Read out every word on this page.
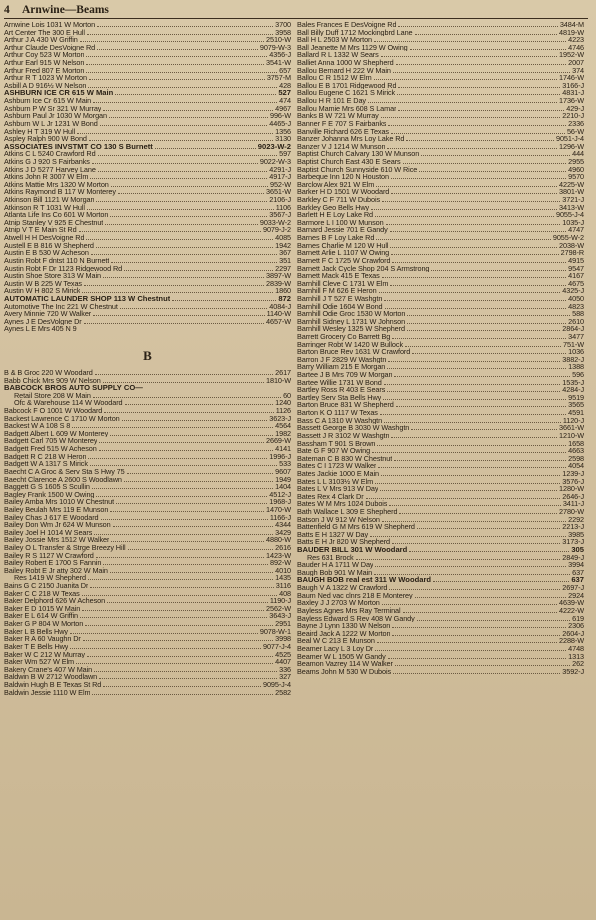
4	Arnwine—Beams
Arnwine Lois 1031 W Morton	3700
Art Center The 300 E Hull	3958
Arthur J A 430 W Griffin	2510-W
Arthur Claude DesVoigne Rd	9079-W-3
Arthur Coy 523 W Morton	4356-J
Arthur Earl 915 W Nelson	3541-W
Arthur Fred 807 E Morton	657
Arthur R T 1023 W Morton	3757-M
Asbill A D 916½ W Nelson	428
ASHBURN ICE CR 615 W Main	527
Ashburn Ice Cr 615 W Main	474
Ashburn P W Sr 321 W Murray	4967
Ashburn Paul Jr 1030 W Morgan	996-W
Ashburn W L Jr 1231 W Bond	4465-J
Ashley H T 319 W Hull	1356
Aspley Ralph 900 W Bond	3130
ASSOCIATES INVSTMT CO 130 S Burnett	9023-W-2
Atkins C L 5240 Crawford Rd	597
Atkins G J 920 S Fairbanks	9022-W-3
Atkins J D 5277 Harvey Lane	4291-J
Atkins John R 3007 W Elm	4917-J
Atkins Mattie Mrs 1320 W Morton	952-W
Atkins Raymond B 117 W Monterey	3651-W
Atkinson Bill 1121 W Morgan	2106-J
Atkinson R T 1031 W Hull	1106
Atlanta Life Ins Co 601 W Morton	3567-J
Atnip Stanley V 925 E Chestnut	9033-W-2
Atnip V T E Main St Rd	9079-J-2
Atwell H H DesVoigne Rd	4085
Austell E B 816 W Shepherd	1942
Austin E B 530 W Acheson	367
Austin Robt F dntst 110 N Burnett	351
Austin Robt F Dr 1123 Ridgewood Rd	2297
Austin Shoe Store 313 W Main	3897-W
Austin W B 225 W Texas	2839-W
Austin W H 802 S Mirick	1860
AUTOMATIC LAUNDER SHOP 113 W Chestnut	872
Automotive The Inc 221 W Chestnut	4084-J
Avery Minnie 720 W Walker	1140-W
Aynes J E DesVolgne Dr	4657-W
Aynes L E Mrs 405 N 9
B
B & B Groc 220 W Woodard	2617
Babb Chick Mrs 909 W Nelson	1810-W
BABCOCK BROS AUTO SUPPLY CO—
Retail Store 208 W Main	60
Ofc & Warehouse 114 W Woodard	1240
Babcock F O 1001 W Woodard	1126
Backest Lawrence C 1710 W Morton	3623-J
Backest W A 108 S 8	4564
Badgett Albert L 609 W Monterey	1982
Badgett Carl 705 W Monterey	2669-W
Badgett Fred 515 W Acheson	4141
Badgett R C 218 W Heron	1996-J
Badgett W A 1317 S Mirick	533
Baecht C A Groc & Serv Sta S Hwy 75	9607
Baecht Clarence A 2600 S Woodlawn	1949
Baggett G S 1605 S Scullin	1404
Bagley Frank 1500 W Owing	4512-J
Bailey Amba Mrs 1010 W Chestnut	1968-J
Bailey Beulah Mrs 119 E Munson	1470-W
Bailey Chas J 617 E Woodard	1166-J
Bailey Don Wm Jr 624 W Munson	4344
Bailey Joel H 1014 W Sears	3429
Bailey Jossie Mrs 1512 W Walker	4880-W
Bailey O L Transfer & Strge Breezy Hill	2616
Bailey R S 1127 W Crawford	1423-W
Bailey Robert E 1700 S Fannin	892-W
Bailey Robt E Jr atty 302 W Main	4010
Res 1419 W Shepherd	1435
Bains G C 2150 Juanita Dr	3116
Baker C C 218 W Texas	408
Baker Delphord 626 W Acheson	1190-J
Baker E D 1015 W Main	2562-W
Baker E L 614 W Griffin	3643-J
Baker G P 804 W Morton	2951
Baker L B Bells Hwy	9078-W-1
Baker R A 60 Vaughn Dr	3998
Baker T E Bells Hwy	9077-J-4
Baker W C 212 W Murray	4525
Baker Wm 527 W Elm	4407
Bakery Crane's 407 W Main	336
Baldwin B W 2712 Woodlawn	327
Baldwin Hugh B E Texas St Rd	9095-J-4
Baldwin Jessie 1110 W Elm	2582
Bales Frances E DesVoigne Rd	3484-M
Ball Billy Duff 1712 Mockingbrd Lane	4819-W
Ball H L 2503 W Morton	4223
Ball Jeanette M Mrs 1129 W Owing	4746
Ballard R L 1332 W Sears	1952-W
Balliet Anna 1000 W Shepherd	2007
Ballou Bernard H 222 W Main	374
Ballou C R 1512 W Elm	1746-W
Ballou E B 1701 Ridgewood Rd	3166-J
Ballou Eugene C 1621 S Mirick	4831-J
Ballou H R 101 E Day	1736-W
Ballou Mamie Mrs 608 S Lamar	429-J
Banks B W 721 W Murray	2210-J
Banner F E 707 S Fairbanks	2336
Banville Richard 626 E Texas	56-W
Banzer Johanna Mrs Loy Lake Rd	9051-J-4
Banzer V J 1214 W Munson	1296-W
Baptist Church Calvary 130 W Munson	444
Baptist Church East 430 E Sears	2955
Baptist Church Sunnyside 610 W Rice	4960
Barbeque Inn 120 N Houston	9570
Barclow Alex 921 W Elm	4225-W
Barker H D 1501 W Woodard	3801-W
Barkley C F 711 W Dubois	3721-J
Barkley Geo Bells Hwy	3413-W
Barlett H E Loy Lake Rd	9055-J-4
Barmore L I 100 W Munson	1035-J
Barnard Jessie 701 E Gandy	4747
Barnes B F Loy Lake Rd	9055-W-2
Barnes Charlie M 120 W Hull	2038-W
Barnett Arlie L 1107 W Owing	2798-R
Barnett F C 1725 W Crawford	4915
Barnett Jack Cycle Shop 204 S Armstrong	9547
Barnett Mack 415 E Texas	4167
Barnhill Cleve C 1731 W Elm	4675
Barnhill F M 626 E Heron	4325-J
Barnhill J T 527 E Washgtn	4050
Barnhill Odie 1604 W Bond	4823
Barnhill Odie Groc 1530 W Morton	588
Barnhill Sidney L 1731 W Johnson	2610
Barnhill Wesley 1325 W Shepherd	2864-J
Barrett Grocery Co Barrett Bg	3477
Barringer Robt W 1420 W Bullock	751-W
Barton Bruce Rev 1631 W Crawford	1036
Barron J F 2829 W Washgtn	3882-J
Barry William 215 E Morgan	1388
Bartee J B Mrs 709 W Morgan	596
Bartee Willie 1731 W Bond	1535-J
Bartley Ross R 403 E Sears	4284-J
Bartley Serv Sta Bells Hwy	9519
Barton Bruce 831 W Shepherd	3565
Barton K O 1117 W Texas	4591
Bass C A 1310 W Washgtn	1120-J
Bassett George B 3030 W Washgtn	3661-W
Bassett J R 3102 W Washgtn	1210-W
Bassham T 901 S Brown	1658
Bate G F 907 W Owing	4663
Bateman C B 830 W Chestnut	2598
Bates C I 1723 W Walker	4054
Bates Jackie 1000 E Main	1239-J
Bates L L 3103½ W Elm	3576-J
Bates L V Mrs 913 W Day	1280-W
Bates Rex 4 Clark Dr	2646-J
Bates W M Mrs 1024 Dubois	3411-J
Bath Wallace L 309 E Shepherd	2780-W
Batson J W 912 W Nelson	2292
Battenfield G M Mrs 619 W Shepherd	2213-J
Batts E H 1327 W Day	3985
Batts E H Jr 820 W Shepherd	3173-J
BAUDER BILL 301 W Woodard	305
Res 631 Brock	2849-J
Bauder H A 1711 W Day	3994
Baugh Bob 901 W Main	637
BAUGH BOB real est 311 W Woodard	637
Baugh V A 1322 W Crawford	2697-J
Baum Ned vac clnrs 218 E Monterey	2924
Baxley J J 2703 W Morton	4639-W
Bayless Agnes Mrs Ray Terminal	4222-W
Bayless Edward S Rev 408 W Gandy	619
Bayne J Lynn 1330 W Nelson	2306
Beaird Jack A 1222 W Morton	2604-J
Beal W C 213 E Munson	2288-W
Beamer Lacy L 3 Loy Dr	4748
Beamer W L 1505 W Gandy	1313
Beamon Vazrey 114 W Walker	262
Beams John M 530 W Dubois	3592-J
